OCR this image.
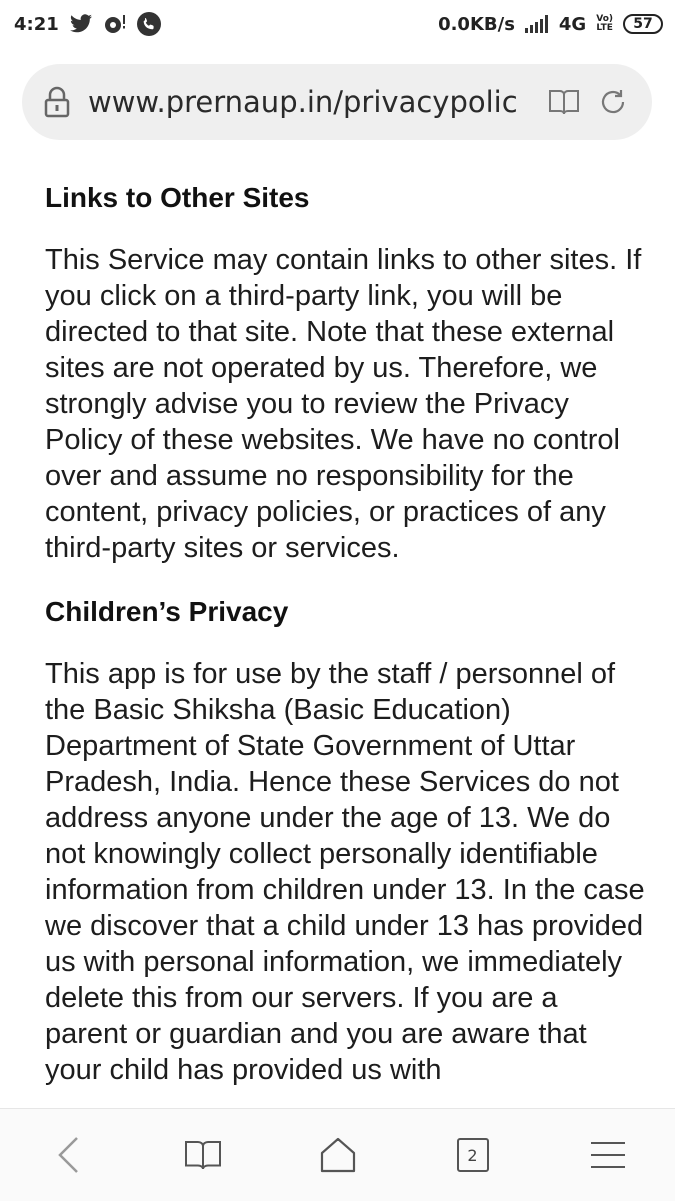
4:21	0.0KB/s 4G Vo)
LTE 57
www.prernaup.in/privacypolic
Links to Other Sites

This Service may contain links to other sites. If you click on a third-party link, you will be directed to that site. Note that these external sites are not operated by us. Therefore, we strongly advise you to review the Privacy Policy of these websites. We have no control over and assume no responsibility for the content, privacy policies, or practices of any third-party sites or services.

Children’s Privacy

This app is for use by the staff / personnel of the Basic Shiksha (Basic Education) Department of State Government of Uttar Pradesh, India. Hence these Services do not address anyone under the age of 13. We do not knowingly collect personally identifiable information from children under 13. In the case we discover that a child under 13 has provided us with personal information, we immediately delete this from our servers. If you are a parent or guardian and you are aware that your child has provided us with

2
